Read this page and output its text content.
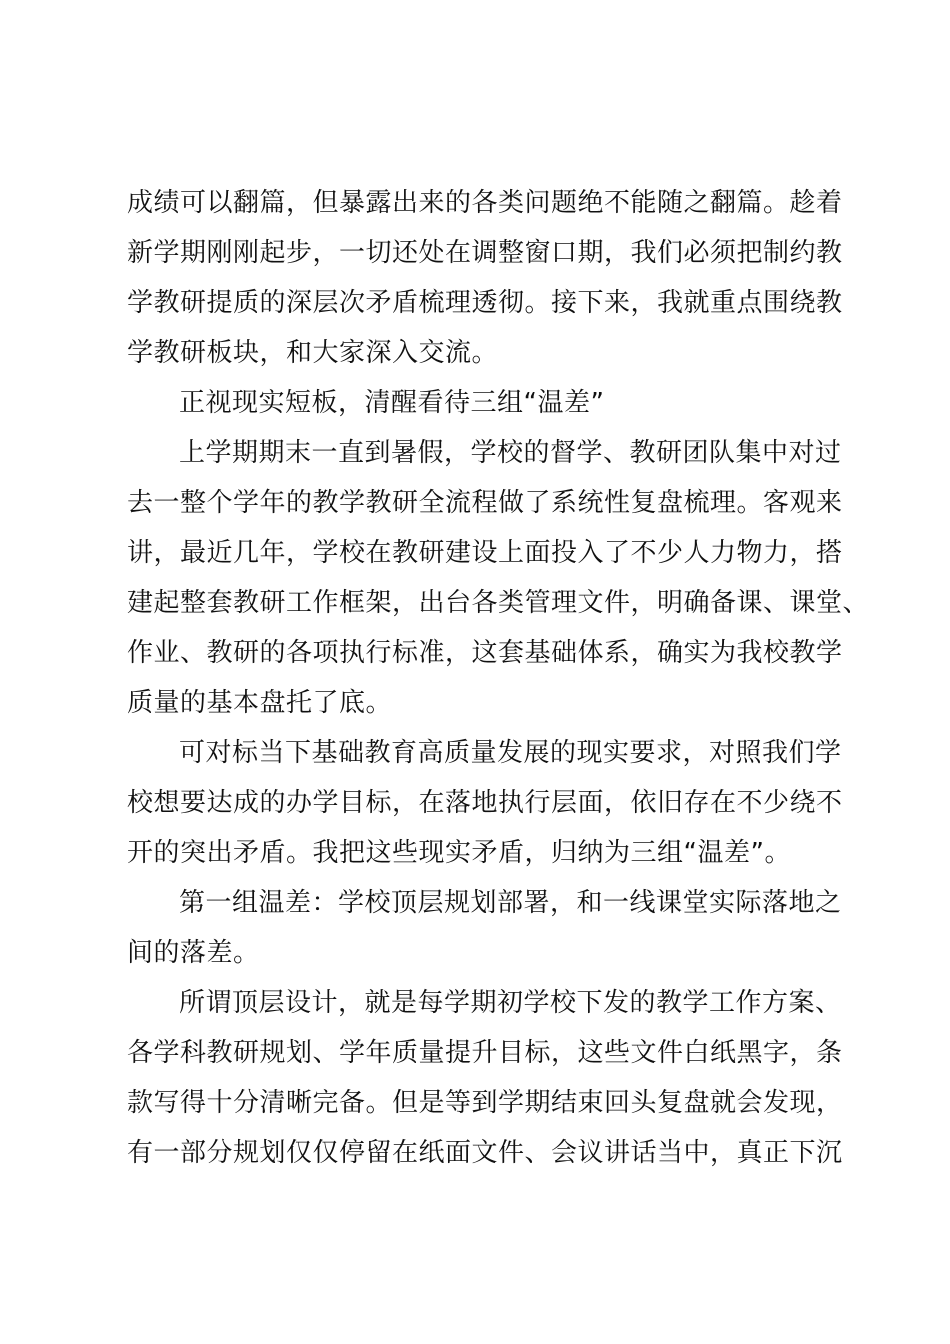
成绩可以翻篇，但暴露出来的各类问题绝不能随之翻篇。趁着
新学期刚刚起步，一切还处在调整窗口期，我们必须把制约教
学教研提质的深层次矛盾梳理透彻。接下来，我就重点围绕教
学教研板块，和大家深入交流。
正视现实短板，清醒看待三组“温差”
上学期期末一直到暑假，学校的督学、教研团队集中对过
去一整个学年的教学教研全流程做了系统性复盘梳理。客观来
讲，最近几年，学校在教研建设上面投入了不少人力物力，搭
建起整套教研工作框架，出台各类管理文件，明确备课、课堂、
作业、教研的各项执行标准，这套基础体系，确实为我校教学
质量的基本盘托了底。
可对标当下基础教育高质量发展的现实要求，对照我们学
校想要达成的办学目标，在落地执行层面，依旧存在不少绕不
开的突出矛盾。我把这些现实矛盾，归纳为三组“温差”。
第一组温差：学校顶层规划部署，和一线课堂实际落地之
间的落差。
所谓顶层设计，就是每学期初学校下发的教学工作方案、
各学科教研规划、学年质量提升目标，这些文件白纸黑字，条
款写得十分清晰完备。但是等到学期结束回头复盘就会发现，
有一部分规划仅仅停留在纸面文件、会议讲话当中，真正下沉
